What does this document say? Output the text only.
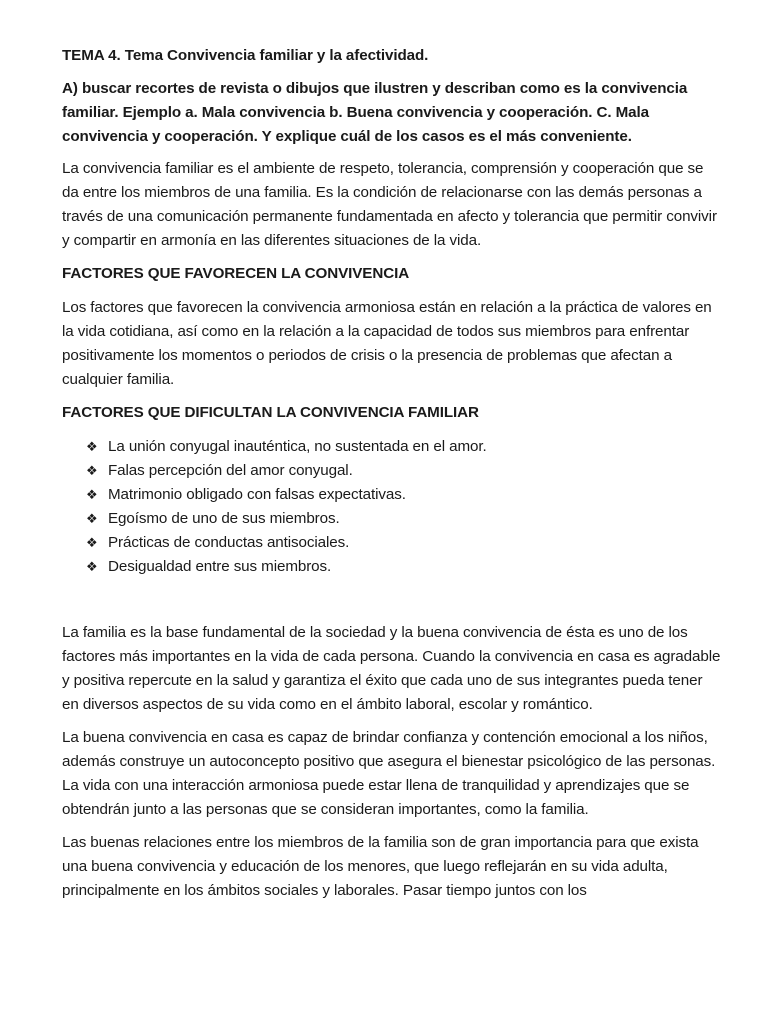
TEMA 4. Tema Convivencia familiar y la afectividad.
A) buscar recortes de revista o dibujos que ilustren y describan como es la convivencia familiar. Ejemplo a. Mala convivencia b. Buena convivencia y cooperación. C. Mala convivencia y cooperación. Y explique cuál de los casos es el más conveniente.

La convivencia familiar es el ambiente de respeto, tolerancia, comprensión y cooperación que se da entre los miembros de una familia. Es la condición de relacionarse con las demás personas a través de una comunicación permanente fundamentada en afecto y tolerancia que permitir convivir y compartir en armonía en las diferentes situaciones de la vida.

FACTORES QUE FAVORECEN LA CONVIVENCIA

Los factores que favorecen la convivencia armoniosa están en relación a la práctica de valores en la vida cotidiana, así como en la relación a la capacidad de todos sus miembros para enfrentar positivamente los momentos o periodos de crisis o la presencia de problemas que afectan a cualquier familia.

FACTORES QUE DIFICULTAN LA CONVIVENCIA FAMILIAR
❖ La unión conyugal inauténtica, no sustentada en el amor.
❖ Falas percepción del amor conyugal.
❖ Matrimonio obligado con falsas expectativas.
❖ Egoísmo de uno de sus miembros.
❖ Prácticas de conductas antisociales.
❖ Desigualdad entre sus miembros.

La familia es la base fundamental de la sociedad y la buena convivencia de ésta es uno de los factores más importantes en la vida de cada persona. Cuando la convivencia en casa es agradable y positiva repercute en la salud y garantiza el éxito que cada uno de sus integrantes pueda tener en diversos aspectos de su vida como en el ámbito laboral, escolar y romántico.

La buena convivencia en casa es capaz de brindar confianza y contención emocional a los niños, además construye un autoconcepto positivo que asegura el bienestar psicológico de las personas. La vida con una interacción armoniosa puede estar llena de tranquilidad y aprendizajes que se obtendrán junto a las personas que se consideran importantes, como la familia.

Las buenas relaciones entre los miembros de la familia son de gran importancia para que exista una buena convivencia y educación de los menores, que luego reflejarán en su vida adulta, principalmente en los ámbitos sociales y laborales. Pasar tiempo juntos con los
